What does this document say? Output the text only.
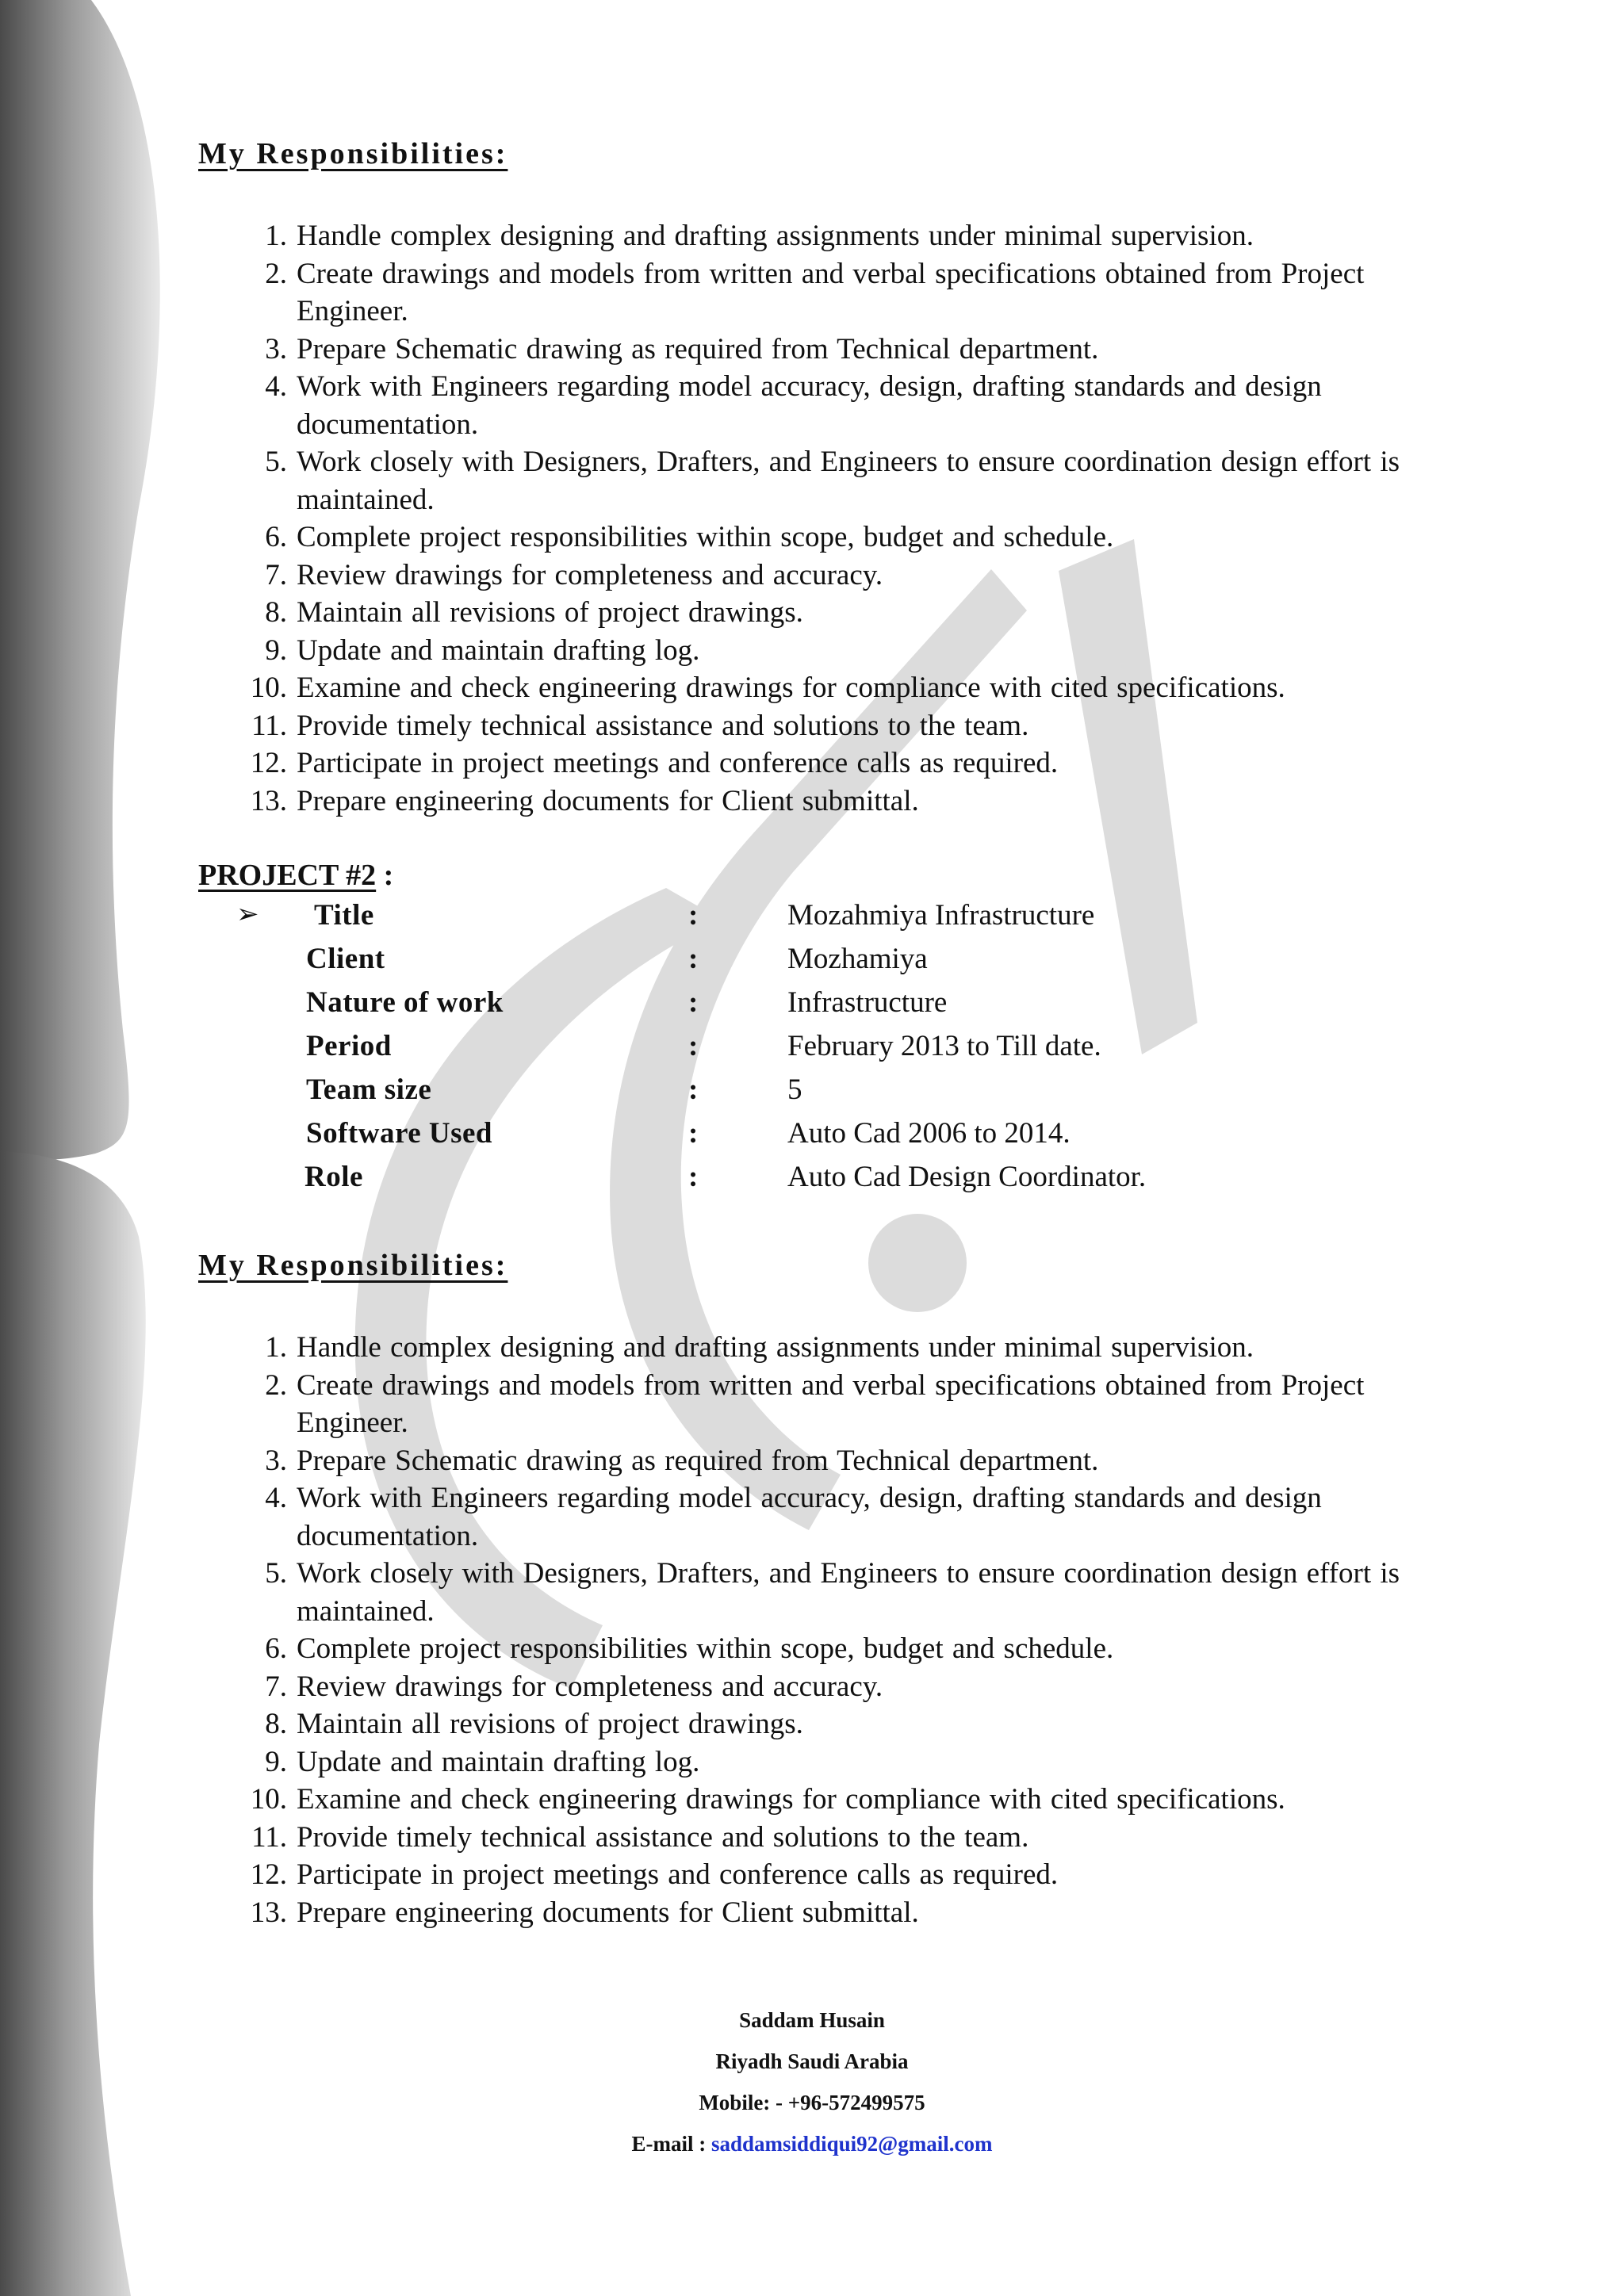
My Responsibilities:
1. Handle complex designing and drafting assignments under minimal supervision.
2. Create drawings and models from written and verbal specifications obtained from Project Engineer.
3. Prepare Schematic drawing as required from Technical department.
4. Work with Engineers regarding model accuracy, design, drafting standards and design documentation.
5. Work closely with Designers, Drafters, and Engineers to ensure coordination design effort is maintained.
6. Complete project responsibilities within scope, budget and schedule.
7. Review drawings for completeness and accuracy.
8. Maintain all revisions of project drawings.
9. Update and maintain drafting log.
10. Examine and check engineering drawings for compliance with cited specifications.
11. Provide timely technical assistance and solutions to the team.
12. Participate in project meetings and conference calls as required.
13. Prepare engineering documents for Client submittal.
PROJECT #2 :
➢ Title	:	Mozahmiya Infrastructure
Client	:	Mozhamiya
Nature of work	:	Infrastructure
Period	:	February 2013 to Till date.
Team size	:	5
Software Used	:	Auto Cad 2006 to 2014.
Role	:	Auto Cad Design Coordinator.
My Responsibilities:
1. Handle complex designing and drafting assignments under minimal supervision.
2. Create drawings and models from written and verbal specifications obtained from Project Engineer.
3. Prepare Schematic drawing as required from Technical department.
4. Work with Engineers regarding model accuracy, design, drafting standards and design documentation.
5. Work closely with Designers, Drafters, and Engineers to ensure coordination design effort is maintained.
6. Complete project responsibilities within scope, budget and schedule.
7. Review drawings for completeness and accuracy.
8. Maintain all revisions of project drawings.
9. Update and maintain drafting log.
10. Examine and check engineering drawings for compliance with cited specifications.
11. Provide timely technical assistance and solutions to the team.
12. Participate in project meetings and conference calls as required.
13. Prepare engineering documents for Client submittal.
Saddam Husain
Riyadh Saudi Arabia
Mobile: - +96-572499575
E-mail : saddamsiddiqui92@gmail.com
